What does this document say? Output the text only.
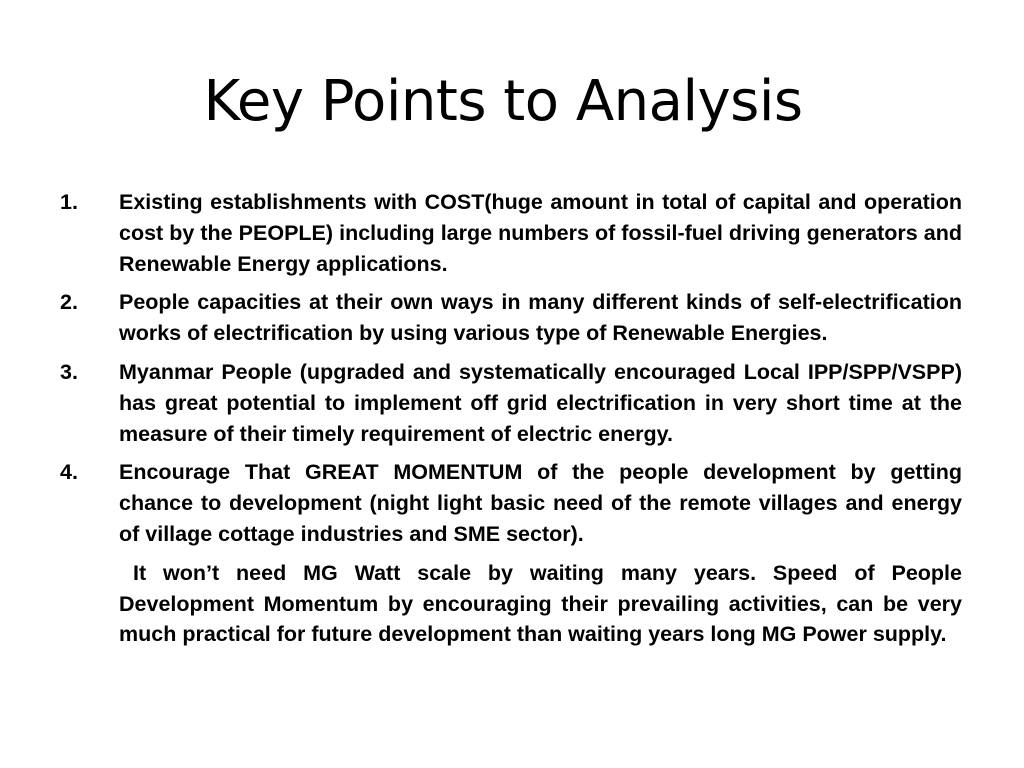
Key Points to Analysis
1.	Existing establishments with COST(huge amount in total of capital and operation cost by the PEOPLE) including large numbers of fossil-fuel driving generators and Renewable Energy applications.
2.	People capacities at their own ways in many different kinds of self-electrification works of electrification by using various type of Renewable Energies.
3.	Myanmar People (upgraded and systematically encouraged Local IPP/SPP/VSPP) has great potential to implement off grid electrification in very short time at the measure of their timely requirement of electric energy.
4.	Encourage That GREAT MOMENTUM of the people development by getting chance to development (night light basic need of the remote villages and energy of village cottage industries and SME sector).
It won’t need MG Watt scale by waiting many years. Speed of People Development Momentum by encouraging their prevailing activities, can be very much practical for future development than waiting years long MG Power supply.
